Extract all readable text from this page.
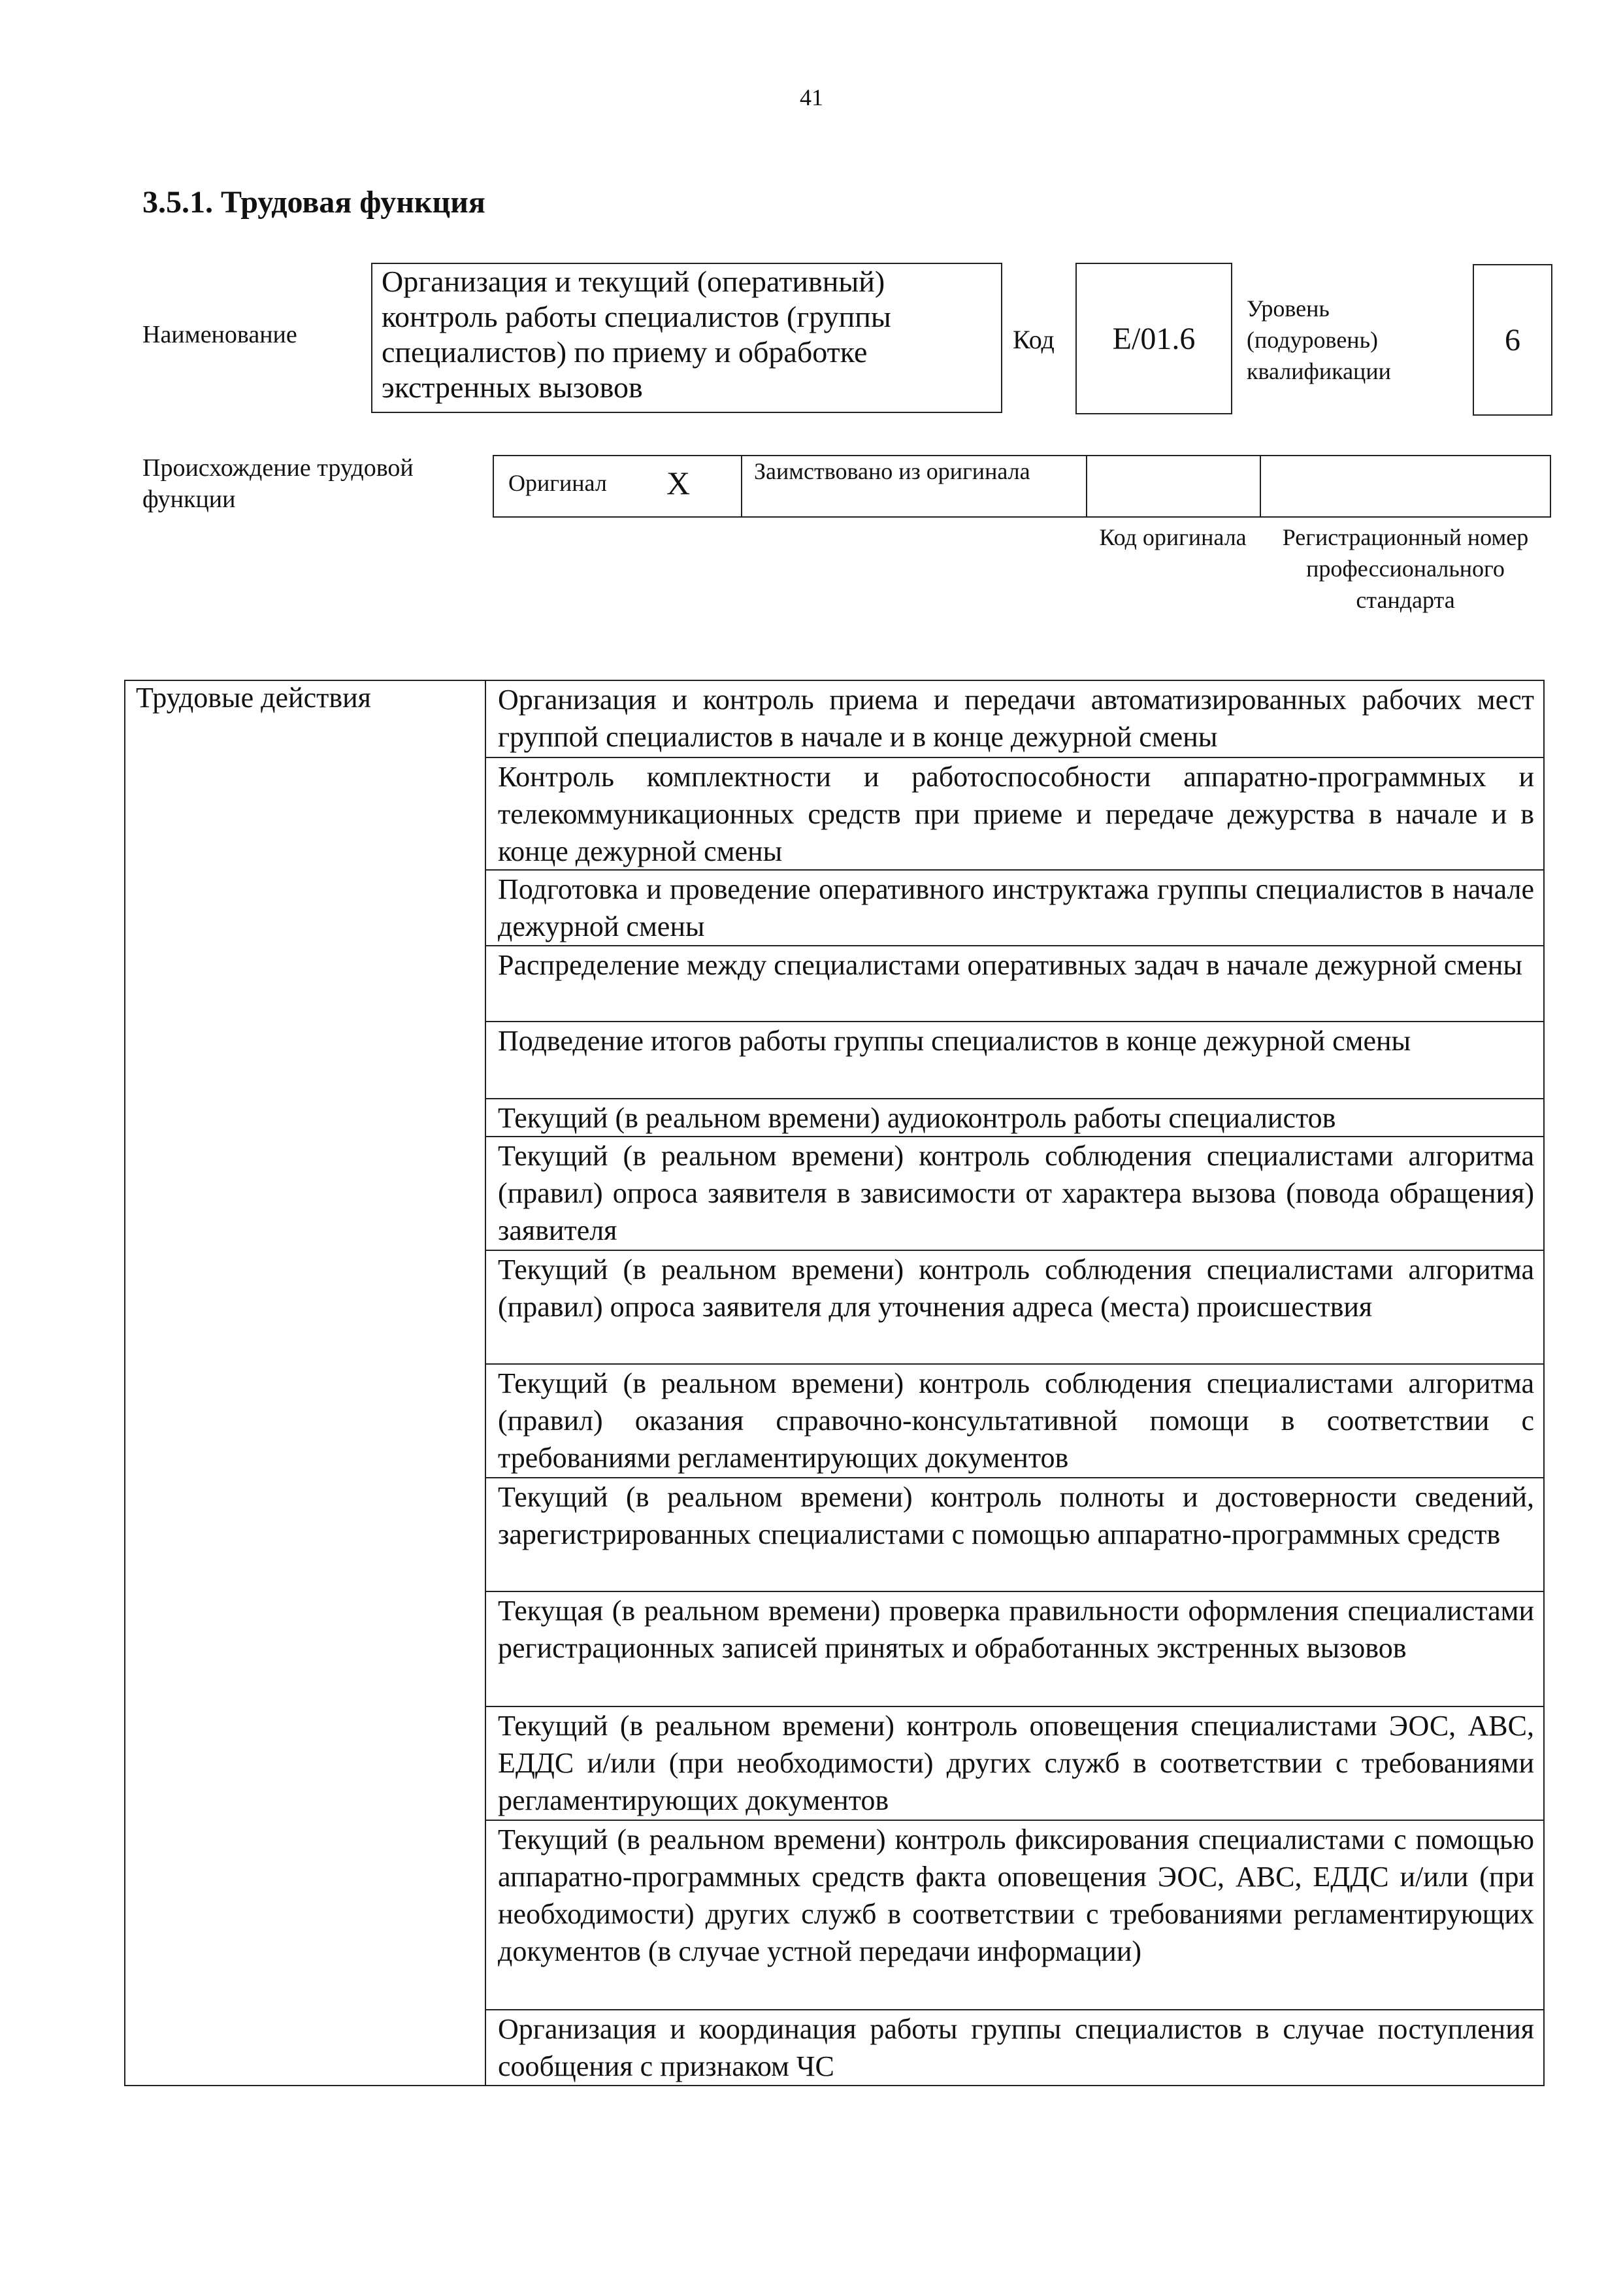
41
3.5.1. Трудовая функция
Наименование
Организация и текущий (оперативный) контроль работы специалистов (группы специалистов) по приему и обработке экстренных вызовов
Код E/01.6
Уровень (подуровень) квалификации
6
Происхождение трудовой функции
Оригинал X	Заимствовано из оригинала
Код оригинала	Регистрационный номер профессионального стандарта
Трудовые действия	Организация и контроль приема и передачи автоматизированных рабочих мест группой специалистов в начале и в конце дежурной смены
Контроль комплектности и работоспособности аппаратно-программных и телекоммуникационных средств при приеме и передаче дежурства в начале и в конце дежурной смены
Подготовка и проведение оперативного инструктажа группы специалистов в начале дежурной смены
Распределение между специалистами оперативных задач в начале дежурной смены
Подведение итогов работы группы специалистов в конце дежурной смены
Текущий (в реальном времени) аудиоконтроль работы специалистов
Текущий (в реальном времени) контроль соблюдения специалистами алгоритма (правил) опроса заявителя в зависимости от характера вызова (повода обращения) заявителя
Текущий (в реальном времени) контроль соблюдения специалистами алгоритма (правил) опроса заявителя для уточнения адреса (места) происшествия
Текущий (в реальном времени) контроль соблюдения специалистами алгоритма (правил) оказания справочно-консультативной помощи в соответствии с требованиями регламентирующих документов
Текущий (в реальном времени) контроль полноты и достоверности сведений, зарегистрированных специалистами с помощью аппаратно-программных средств
Текущая (в реальном времени) проверка правильности оформления специалистами регистрационных записей принятых и обработанных экстренных вызовов
Текущий (в реальном времени) контроль оповещения специалистами ЭОС, АВС, ЕДДС и/или (при необходимости) других служб в соответствии с требованиями регламентирующих документов
Текущий (в реальном времени) контроль фиксирования специалистами с помощью аппаратно-программных средств факта оповещения ЭОС, АВС, ЕДДС и/или (при необходимости) других служб в соответствии с требованиями регламентирующих документов (в случае устной передачи информации)
Организация и координация работы группы специалистов в случае поступления сообщения с признаком ЧС
